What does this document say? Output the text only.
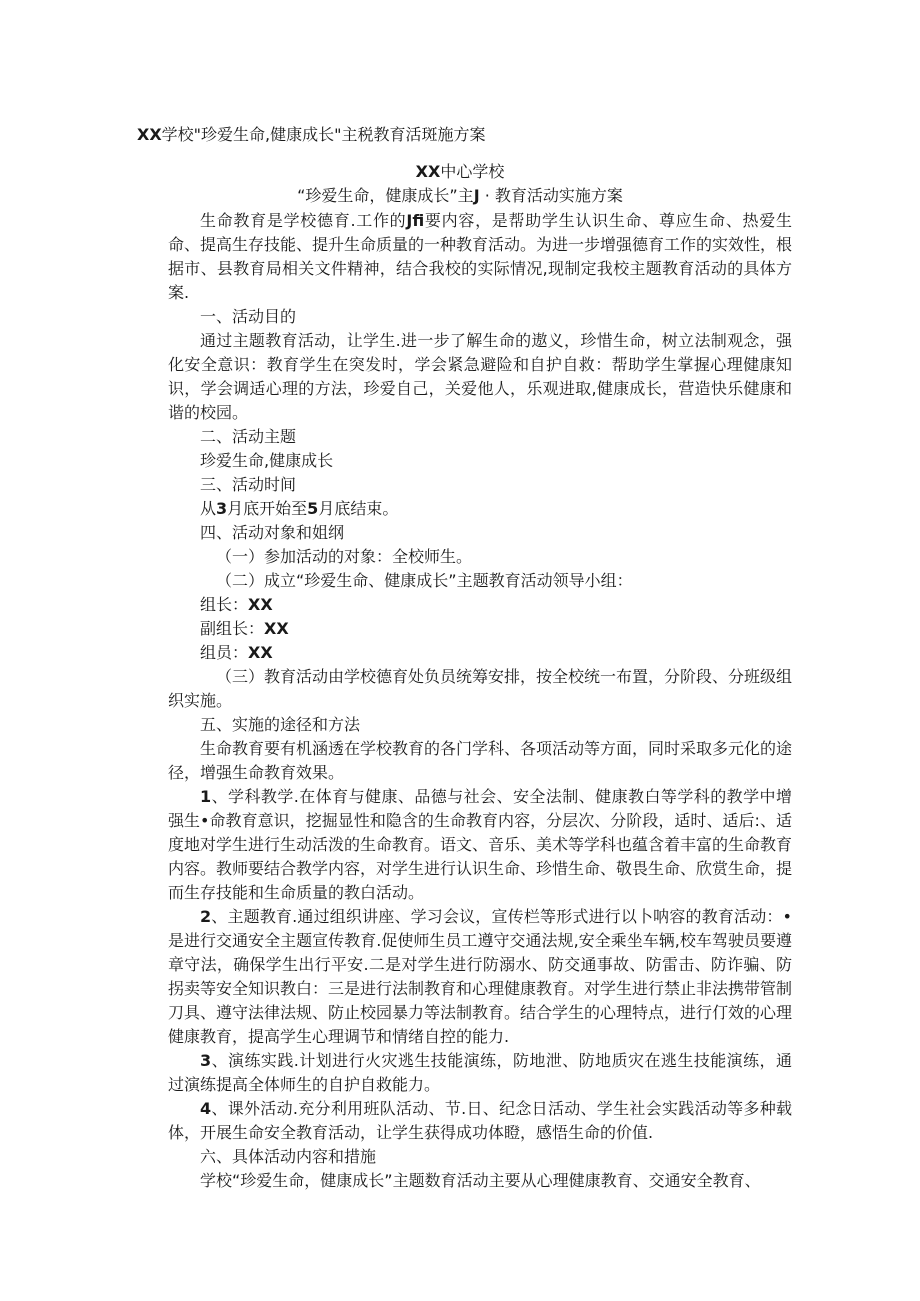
XX学校"珍爱生命,健康成长"主税教育活斑施方案
XX中心学校
“珍爱生命，健康成长”主J · 教育活动实施方案

生命教育是学校德育.工作的Jfi要内容，是帮助学生认识生命、尊应生命、热爱生命、提高生存技能、提升生命质量的一种教育活动。为进一步增强德育工作的实效性，根据市、县教育局相关文件精神，结合我校的实际情况,现制定我校主题教育活动的具体方案.

一、活动目的

通过主题教育活动，让学生.进一步了解生命的遨义，珍惜生命，树立法制观念，强化安全意识：教育学生在突发时，学会紧急避险和自护自救：帮助学生掌握心理健康知识，学会调适心理的方法，珍爱自己，关爱他人，乐观进取,健康成长，营造快乐健康和谐的校园。

二、活动主题

珍爱生命,健康成长

三、活动时间

从3月底开始至5月底结束。

四、活动对象和姐纲

（一）参加活动的对象：全校师生。

（二）成立“珍爱生命、健康成长”主题教育活动领导小组：

组长：XX

副组长：XX

组员：XX

（三）教育活动由学校德育处负员统筹安排，按全校统一布置，分阶段、分班级组织实施。

五、实施的途径和方法

生命教育要有机涵透在学校教育的各门学科、各项活动等方面，同时采取多元化的途径，增强生命教育效果。

1、学科教学.在体育与健康、品德与社会、安全法制、健康教白等学科的教学中增强生•命教育意识，挖掘显性和隐含的生命教育内容，分层次、分阶段，适时、适后:、适度地对学生进行生动活泼的生命教育。语文、音乐、美术等学科也蕴含着丰富的生命教育内容。教师要结合教学内容，对学生进行认识生命、珍惜生命、敬畏生命、欣赏生命，提而生存技能和生命质量的教白活动。

2、主题教育.通过组织讲座、学习会议，宣传栏等形式进行以卜呐容的教育活动：•是进行交通安全主题宣传教育.促使师生员工遵守交通法规,安全乘坐车辆,校车驾驶员要遵章守法，确保学生出行平安.二是对学生进行防溺水、防交通事故、防雷击、防诈骗、防拐卖等安全知识教白：三是进行法制教育和心理健康教育。对学生进行禁止非法携带管制刀具、遵守法律法规、防止校园暴力等法制教育。结合学生的心理特点，进行仃效的心理健康教育，提高学生心理调节和情绪自控的能力.

3、演练实践.计划进行火灾逃生技能演练，防地泄、防地质灾在逃生技能演练，通过演练提高全体师生的自护自救能力。

4、课外活动.充分利用班队活动、节.日、纪念日活动、学生社会实践活动等多种载体，开展生命安全教育活动，让学生获得成功体瞪，感悟生命的价值.

六、具体活动内容和措施

学校“珍爱生命，健康成长”主题数育活动主要从心理健康教育、交通安全教育、
